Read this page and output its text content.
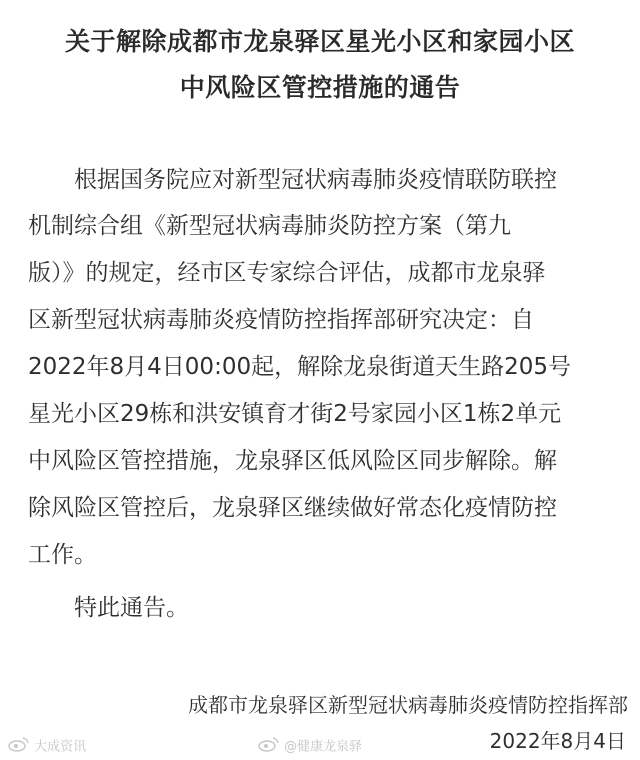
关于解除成都市龙泉驿区星光小区和家园小区
中风险区管控措施的通告
　　根据国务院应对新型冠状病毒肺炎疫情联防联控
机制综合组《新型冠状病毒肺炎防控方案（第九
版）》的规定，经市区专家综合评估，成都市龙泉驿
区新型冠状病毒肺炎疫情防控指挥部研究决定：自
2022年8月4日00:00起，解除龙泉街道天生路205号
星光小区29栋和洪安镇育才街2号家园小区1栋2单元
中风险区管控措施，龙泉驿区低风险区同步解除。解
除风险区管控后，龙泉驿区继续做好常态化疫情防控
工作。
　　特此通告。
成都市龙泉驿区新型冠状病毒肺炎疫情防控指挥部
2022年8月4日
大成资讯	@健康龙泉驿
